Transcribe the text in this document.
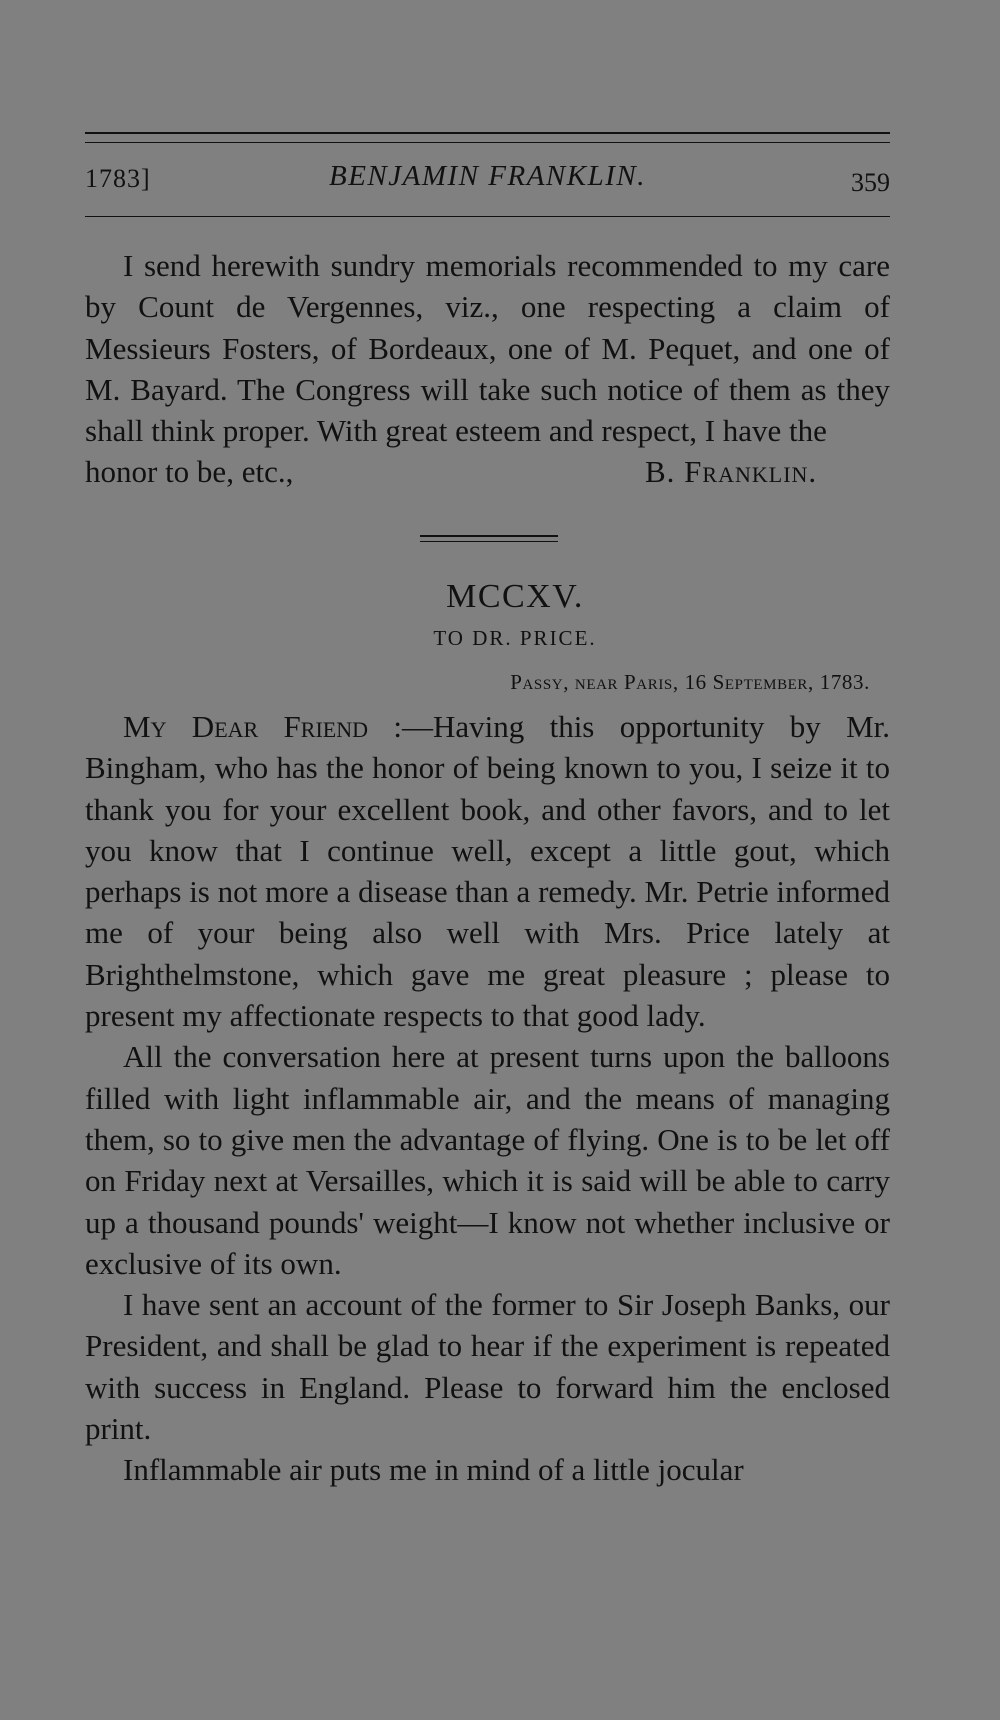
1783]	BENJAMIN FRANKLIN.	359

I send herewith sundry memorials recommended to my care by Count de Vergennes, viz., one respecting a claim of Messieurs Fosters, of Bordeaux, one of M. Pequet, and one of M. Bayard. The Congress will take such notice of them as they shall think proper. With great esteem and respect, I have the

honor to be, etc.,	B. Franklin.
MCCXV.
TO DR. PRICE.
Passy, near Paris, 16 September, 1783.

My Dear Friend :—Having this opportunity by Mr. Bingham, who has the honor of being known to you, I seize it to thank you for your excellent book, and other favors, and to let you know that I continue well, except a little gout, which perhaps is not more a disease than a remedy. Mr. Petrie informed me of your being also well with Mrs. Price lately at Brighthelmstone, which gave me great pleasure ; please to present my affectionate respects to that good lady.

All the conversation here at present turns upon the balloons filled with light inflammable air, and the means of managing them, so to give men the advantage of flying. One is to be let off on Friday next at Versailles, which it is said will be able to carry up a thousand pounds' weight—I know not whether inclusive or exclusive of its own.

I have sent an account of the former to Sir Joseph Banks, our President, and shall be glad to hear if the experiment is repeated with success in England. Please to forward him the enclosed print.

Inflammable air puts me in mind of a little jocular
